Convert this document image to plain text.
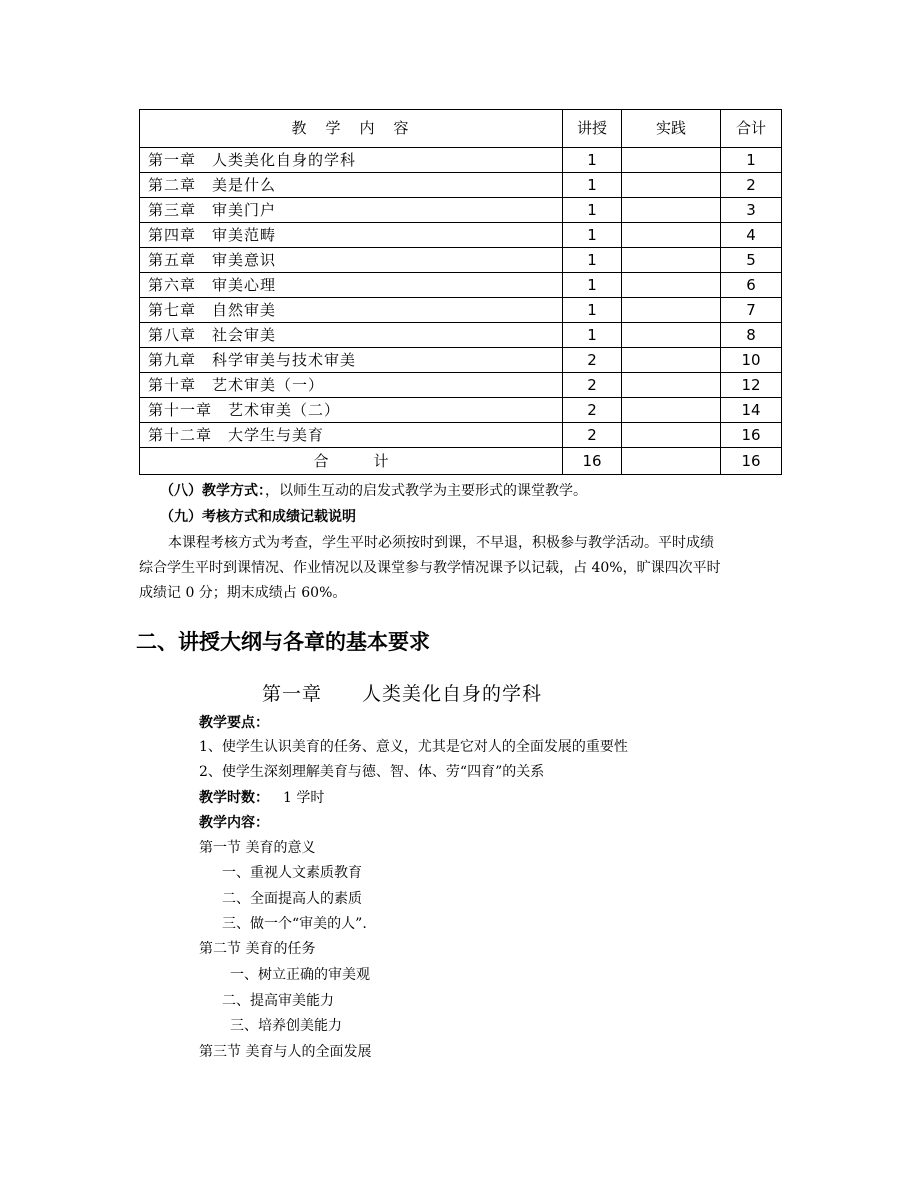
教　学　内　容	讲授	实践	合计
第一章　人类美化自身的学科	1		1
第二章　美是什么	1		2
第三章　审美门户	1		3
第四章　审美范畴	1		4
第五章　审美意识	1		5
第六章　审美心理	1		6
第七章　自然审美	1		7
第八章　社会审美	1		8
第九章　科学审美与技术审美	2		10
第十章　艺术审美（一）	2		12
第十一章　艺术审美（二）	2		14
第十二章　大学生与美育	2		16
合　　　计	16		16
（八）教学方式：，以师生互动的启发式教学为主要形式的课堂教学。
（九）考核方式和成绩记载说明
本课程考核方式为考查，学生平时必须按时到课，不早退，积极参与教学活动。平时成绩
综合学生平时到课情况、作业情况以及课堂参与教学情况课予以记载，占 40%，旷课四次平时
成绩记 0 分；期末成绩占 60%。
二、讲授大纲与各章的基本要求
第一章　　人类美化自身的学科
教学要点：
1、使学生认识美育的任务、意义，尤其是它对人的全面发展的重要性
2、使学生深刻理解美育与德、智、体、劳“四育”的关系
教学时数： 1 学时
教学内容：
第一节 美育的意义
一、重视人文素质教育
二、全面提高人的素质
三、做一个“审美的人”.
第二节 美育的任务
一、树立正确的审美观
二、提高审美能力
三、培养创美能力
第三节 美育与人的全面发展
